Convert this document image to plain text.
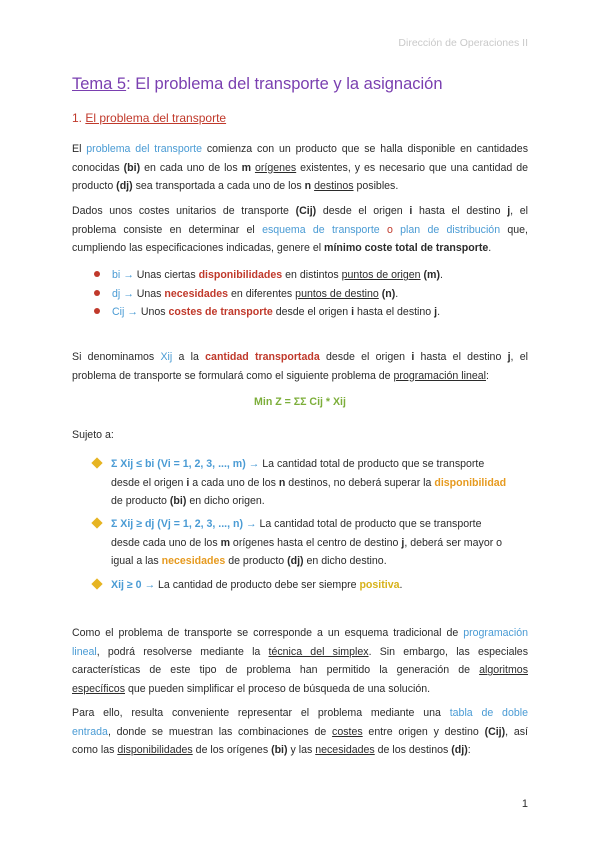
Dirección de Operaciones II
Tema 5: El problema del transporte y la asignación
1. El problema del transporte
El problema del transporte comienza con un producto que se halla disponible en cantidades
conocidas (bi) en cada uno de los m orígenes existentes, y es necesario que una cantidad de
producto (dj) sea transportada a cada uno de los n destinos posibles.
Dados unos costes unitarios de transporte (Cij) desde el origen i hasta el destino j, el
problema consiste en determinar el esquema de transporte o plan de distribución que,
cumpliendo las especificaciones indicadas, genere el mínimo coste total de transporte.
bi → Unas ciertas disponibilidades en distintos puntos de origen (m).
dj → Unas necesidades en diferentes puntos de destino (n).
Cij → Unos costes de transporte desde el origen i hasta el destino j.
Si denominamos Xij a la cantidad transportada desde el origen i hasta el destino j, el
problema de transporte se formulará como el siguiente problema de programación lineal:
Min Z = ΣΣ Cij * Xij
Sujeto a:
Σ Xij ≤ bi (Vi = 1, 2, 3, ..., m) → La cantidad total de producto que se transporte
desde el origen i a cada uno de los n destinos, no deberá superar la disponibilidad
de producto (bi) en dicho origen.
Σ Xij ≥ dj (Vj = 1, 2, 3, ..., n) → La cantidad total de producto que se transporte
desde cada uno de los m orígenes hasta el centro de destino j, deberá ser mayor o
igual a las necesidades de producto (dj) en dicho destino.
Xij ≥ 0 → La cantidad de producto debe ser siempre positiva.
Como el problema de transporte se corresponde a un esquema tradicional de programación
lineal, podrá resolverse mediante la técnica del simplex. Sin embargo, las especiales
características de este tipo de problema han permitido la generación de algoritmos
específicos que pueden simplificar el proceso de búsqueda de una solución.
Para ello, resulta conveniente representar el problema mediante una tabla de doble
entrada, donde se muestran las combinaciones de costes entre origen y destino (Cij), así
como las disponibilidades de los orígenes (bi) y las necesidades de los destinos (dj):
1
